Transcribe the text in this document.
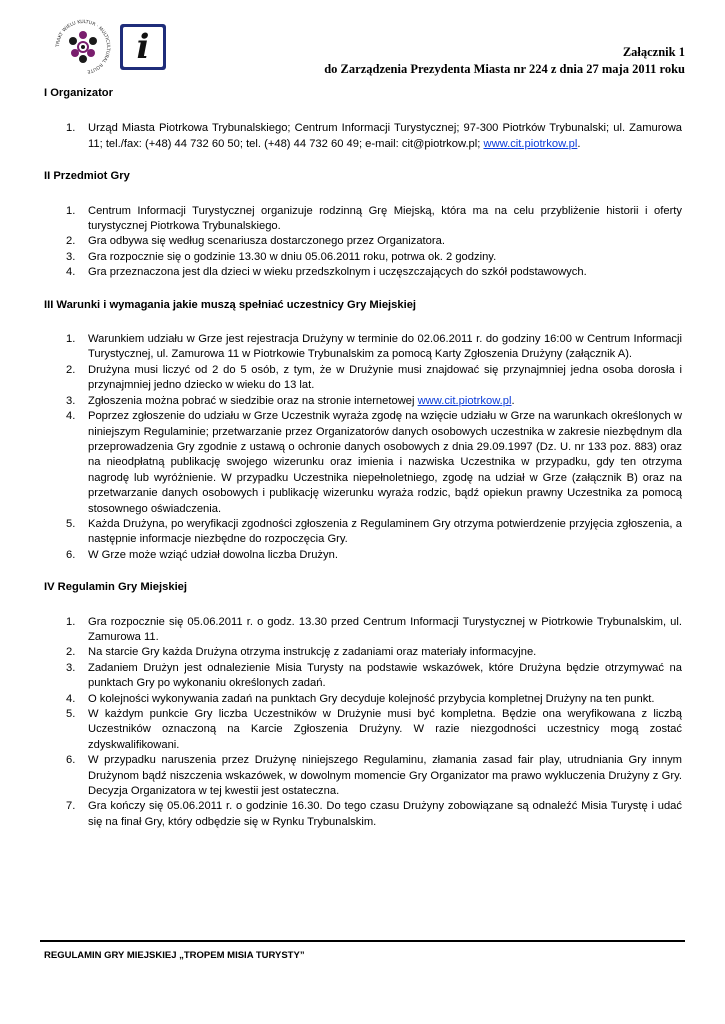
TRAKT WIELU KULTUR · MULTICULTURAL ROUTE
i	Załącznik 1
do Zarządzenia Prezydenta Miasta nr 224 z dnia 27 maja 2011 roku
I Organizator
1. Urząd Miasta Piotrkowa Trybunalskiego; Centrum Informacji Turystycznej; 97-300 Piotrków Trybunalski; ul. Zamurowa 11; tel./fax: (+48) 44 732 60 50; tel. (+48) 44 732 60 49; e-mail: cit@piotrkow.pl; www.cit.piotrkow.pl.
II Przedmiot Gry
1. Centrum Informacji Turystycznej organizuje rodzinną Grę Miejską, która ma na celu przybliżenie historii i oferty turystycznej Piotrkowa Trybunalskiego.
2. Gra odbywa się według scenariusza dostarczonego przez Organizatora.
3. Gra rozpocznie się o godzinie 13.30 w dniu 05.06.2011 roku, potrwa ok. 2 godziny.
4. Gra przeznaczona jest dla dzieci w wieku przedszkolnym i uczęszczających do szkół podstawowych.
III Warunki i wymagania jakie muszą spełniać uczestnicy Gry Miejskiej
1. Warunkiem udziału w Grze jest rejestracja Drużyny w terminie do 02.06.2011 r. do godziny 16:00 w Centrum Informacji Turystycznej, ul. Zamurowa 11 w Piotrkowie Trybunalskim za pomocą Karty Zgłoszenia Drużyny (załącznik A).
2. Drużyna musi liczyć od 2 do 5 osób, z tym, że w Drużynie musi znajdować się przynajmniej jedna osoba dorosła i przynajmniej jedno dziecko w wieku do 13 lat.
3. Zgłoszenia można pobrać w siedzibie oraz na stronie internetowej www.cit.piotrkow.pl.
4. Poprzez zgłoszenie do udziału w Grze Uczestnik wyraża zgodę na wzięcie udziału w Grze na warunkach określonych w niniejszym Regulaminie; przetwarzanie przez Organizatorów danych osobowych uczestnika w zakresie niezbędnym dla przeprowadzenia Gry zgodnie z ustawą o ochronie danych osobowych z dnia 29.09.1997 (Dz. U. nr 133 poz. 883) oraz na nieodpłatną publikację swojego wizerunku oraz imienia i nazwiska Uczestnika w przypadku, gdy ten otrzyma nagrodę lub wyróżnienie. W przypadku Uczestnika niepełnoletniego, zgodę na udział w Grze (załącznik B) oraz na przetwarzanie danych osobowych i publikację wizerunku wyraża rodzic, bądź opiekun prawny Uczestnika za pomocą stosownego oświadczenia.
5. Każda Drużyna, po weryfikacji zgodności zgłoszenia z Regulaminem Gry otrzyma potwierdzenie przyjęcia zgłoszenia, a następnie informacje niezbędne do rozpoczęcia Gry.
6. W Grze może wziąć udział dowolna liczba Drużyn.
IV Regulamin Gry Miejskiej
1. Gra rozpocznie się 05.06.2011 r. o godz. 13.30 przed Centrum Informacji Turystycznej w Piotrkowie Trybunalskim, ul. Zamurowa 11.
2. Na starcie Gry każda Drużyna otrzyma instrukcję z zadaniami oraz materiały informacyjne.
3. Zadaniem Drużyn jest odnalezienie Misia Turysty na podstawie wskazówek, które Drużyna będzie otrzymywać na punktach Gry po wykonaniu określonych zadań.
4. O kolejności wykonywania zadań na punktach Gry decyduje kolejność przybycia kompletnej Drużyny na ten punkt.
5. W każdym punkcie Gry liczba Uczestników w Drużynie musi być kompletna. Będzie ona weryfikowana z liczbą Uczestników oznaczoną na Karcie Zgłoszenia Drużyny. W razie niezgodności uczestnicy mogą zostać zdyskwalifikowani.
6. W przypadku naruszenia przez Drużynę niniejszego Regulaminu, złamania zasad fair play, utrudniania Gry innym Drużynom bądź niszczenia wskazówek, w dowolnym momencie Gry Organizator ma prawo wykluczenia Drużyny z Gry. Decyzja Organizatora w tej kwestii jest ostateczna.
7. Gra kończy się 05.06.2011 r. o godzinie 16.30. Do tego czasu Drużyny zobowiązane są odnaleźć Misia Turystę i udać się na finał Gry, który odbędzie się w Rynku Trybunalskim.
REGULAMIN GRY MIEJSKIEJ „TROPEM MISIA TURYSTY”
